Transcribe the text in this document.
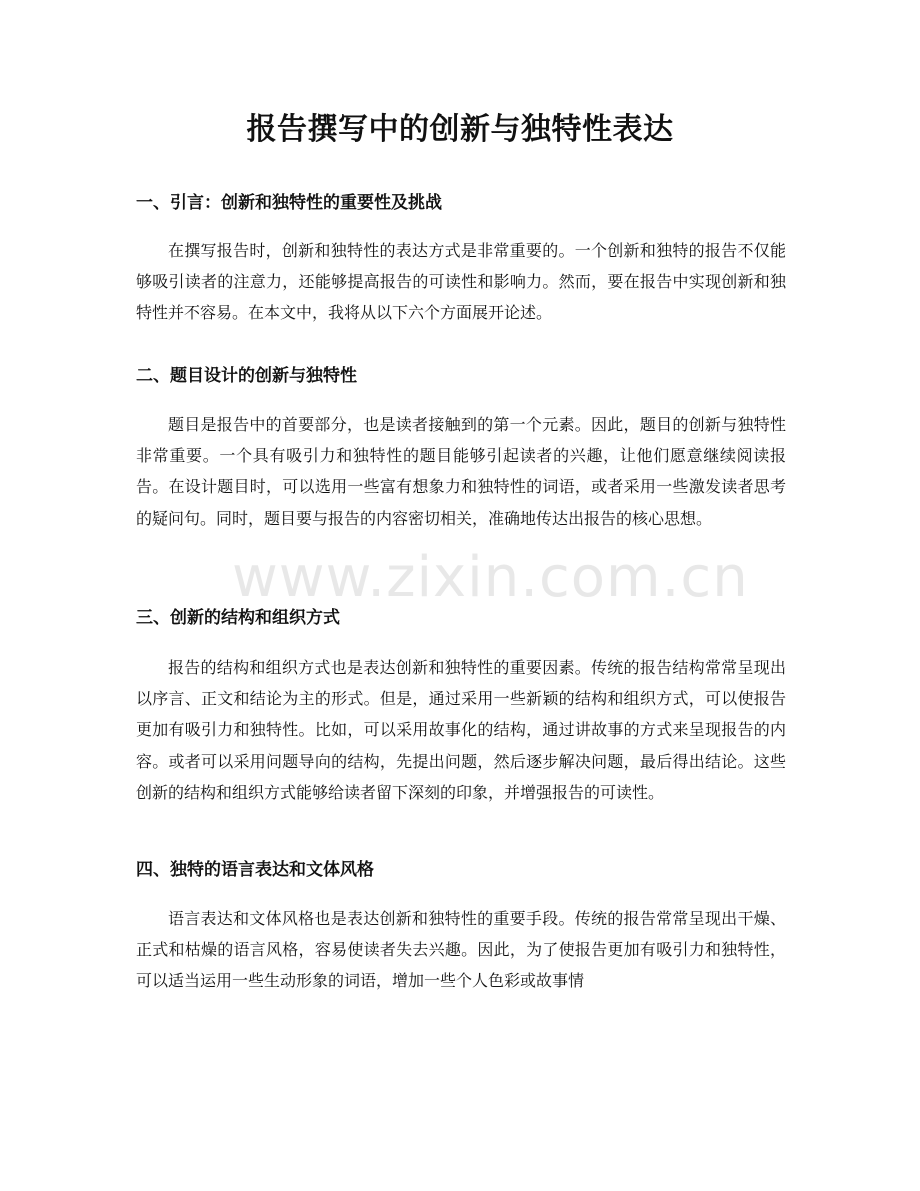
报告撰写中的创新与独特性表达
一、引言：创新和独特性的重要性及挑战
在撰写报告时，创新和独特性的表达方式是非常重要的。一个创新和独特的报告不仅能够吸引读者的注意力，还能够提高报告的可读性和影响力。然而，要在报告中实现创新和独特性并不容易。在本文中，我将从以下六个方面展开论述。
二、题目设计的创新与独特性
题目是报告中的首要部分，也是读者接触到的第一个元素。因此，题目的创新与独特性非常重要。一个具有吸引力和独特性的题目能够引起读者的兴趣，让他们愿意继续阅读报告。在设计题目时，可以选用一些富有想象力和独特性的词语，或者采用一些激发读者思考的疑问句。同时，题目要与报告的内容密切相关，准确地传达出报告的核心思想。
三、创新的结构和组织方式
报告的结构和组织方式也是表达创新和独特性的重要因素。传统的报告结构常常呈现出以序言、正文和结论为主的形式。但是，通过采用一些新颖的结构和组织方式，可以使报告更加有吸引力和独特性。比如，可以采用故事化的结构，通过讲故事的方式来呈现报告的内容。或者可以采用问题导向的结构，先提出问题，然后逐步解决问题，最后得出结论。这些创新的结构和组织方式能够给读者留下深刻的印象，并增强报告的可读性。
四、独特的语言表达和文体风格
语言表达和文体风格也是表达创新和独特性的重要手段。传统的报告常常呈现出干燥、正式和枯燥的语言风格，容易使读者失去兴趣。因此，为了使报告更加有吸引力和独特性，可以适当运用一些生动形象的词语，增加一些个人色彩或故事情
www.zixin.com.cn
